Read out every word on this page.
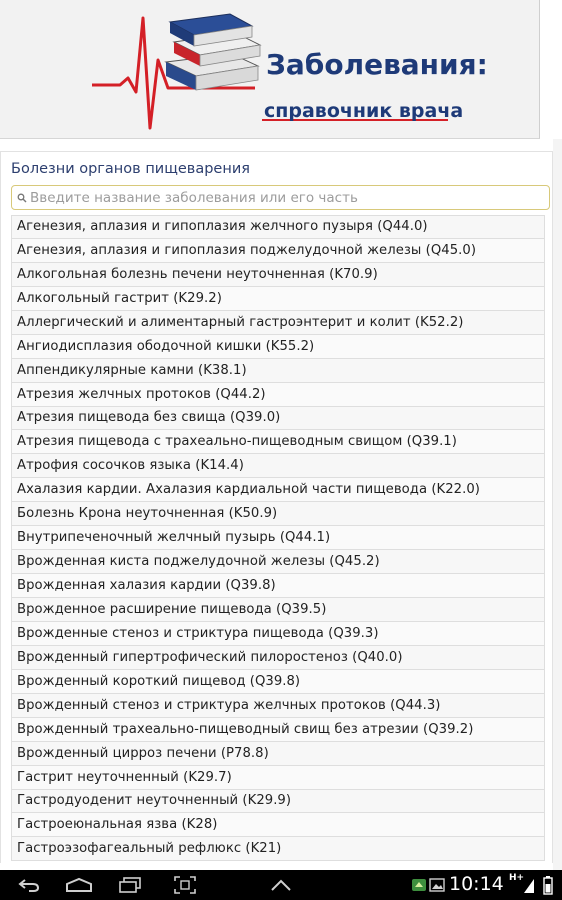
Заболевания:
справочник врача
Болезни органов пищеварения
Введите название заболевания или его часть
Агенезия, аплазия и гипоплазия желчного пузыря (Q44.0)
Агенезия, аплазия и гипоплазия поджелудочной железы (Q45.0)
Алкогольная болезнь печени неуточненная (K70.9)
Алкогольный гастрит (K29.2)
Аллергический и алиментарный гастроэнтерит и колит (K52.2)
Ангиодисплазия ободочной кишки (K55.2)
Аппендикулярные камни (K38.1)
Атрезия желчных протоков (Q44.2)
Атрезия пищевода без свища (Q39.0)
Атрезия пищевода с трахеально-пищеводным свищом (Q39.1)
Атрофия сосочков языка (K14.4)
Ахалазия кардии. Ахалазия кардиальной части пищевода (K22.0)
Болезнь Крона неуточненная (K50.9)
Внутрипеченочный желчный пузырь (Q44.1)
Врожденная киста поджелудочной железы (Q45.2)
Врожденная халазия кардии (Q39.8)
Врожденное расширение пищевода (Q39.5)
Врожденные стеноз и стриктура пищевода (Q39.3)
Врожденный гипертрофический пилоростеноз (Q40.0)
Врожденный короткий пищевод (Q39.8)
Врожденный стеноз и стриктура желчных протоков (Q44.3)
Врожденный трахеально-пищеводный свищ без атрезии (Q39.2)
Врожденный цирроз печени (P78.8)
Гастрит неуточненный (K29.7)
Гастродуоденит неуточненный (K29.9)
Гастроеюнальная язва (K28)
Гастроэзофагеальный рефлюкс (K21)
10:14 H+
